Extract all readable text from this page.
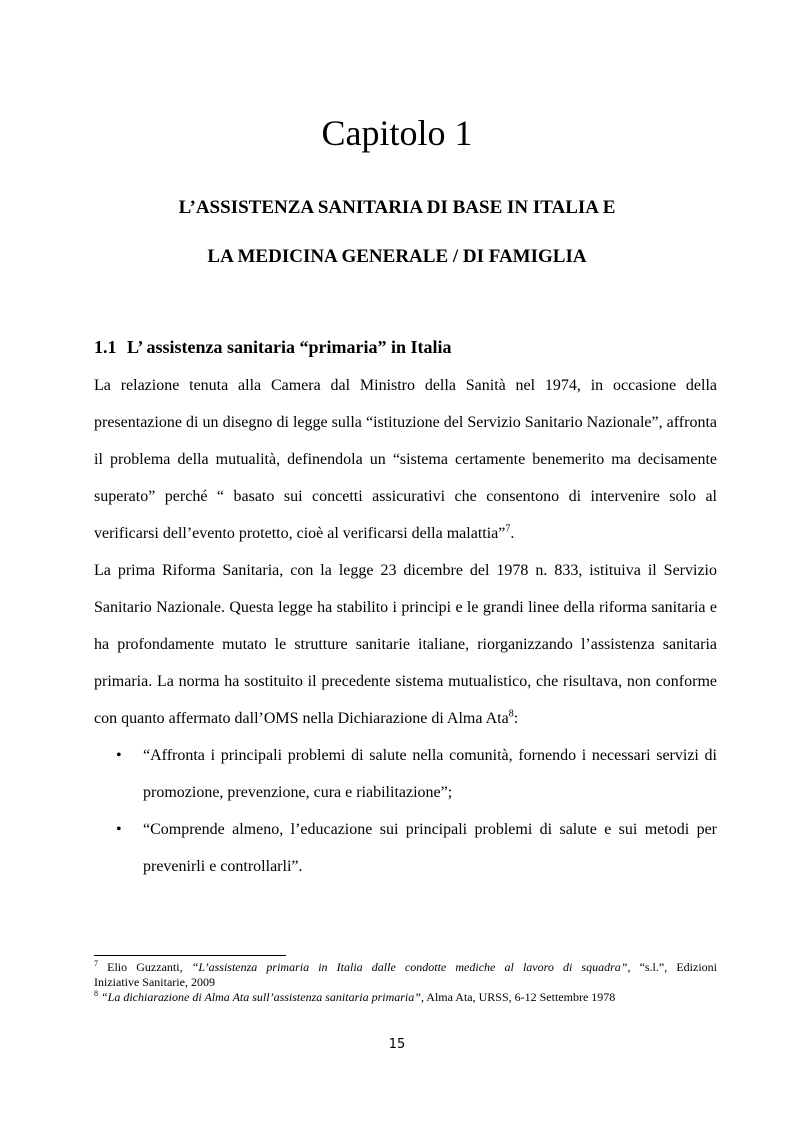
Capitolo 1
L’ASSISTENZA SANITARIA DI BASE IN ITALIA E
LA MEDICINA GENERALE / DI FAMIGLIA
1.1 L’ assistenza sanitaria “primaria” in Italia

La relazione tenuta alla Camera dal Ministro della Sanità nel 1974, in occasione della

presentazione di un disegno di legge sulla “istituzione del Servizio Sanitario Nazionale”, affronta

il problema della mutualità, definendola un “sistema certamente benemerito ma decisamente

superato” perché “ basato sui concetti assicurativi che consentono di intervenire solo al

verificarsi dell’evento protetto, cioè al verificarsi della malattia”$^7$.

La prima Riforma Sanitaria, con la legge 23 dicembre del 1978 n. 833, istituiva il Servizio

Sanitario Nazionale. Questa legge ha stabilito i principi e le grandi linee della riforma sanitaria e

ha profondamente mutato le strutture sanitarie italiane, riorganizzando l’assistenza sanitaria

primaria. La norma ha sostituito il precedente sistema mutualistico, che risultava, non conforme

con quanto affermato dall’OMS nella Dichiarazione di Alma Ata$^8$:

• “Affronta i principali problemi di salute nella comunità, fornendo i necessari servizi di

promozione, prevenzione, cura e riabilitazione”;

• “Comprende almeno, l’educazione sui principali problemi di salute e sui metodi per

prevenirli e controllarli”.

$^7$ Elio Guzzanti, “L’assistenza primaria in Italia dalle condotte mediche al lavoro di squadra”, “s.l.”, Edizioni

Iniziative Sanitarie, 2009

$^8$ “La dichiarazione di Alma Ata sull’assistenza sanitaria primaria”, Alma Ata, URSS, 6-12 Settembre 1978

15
